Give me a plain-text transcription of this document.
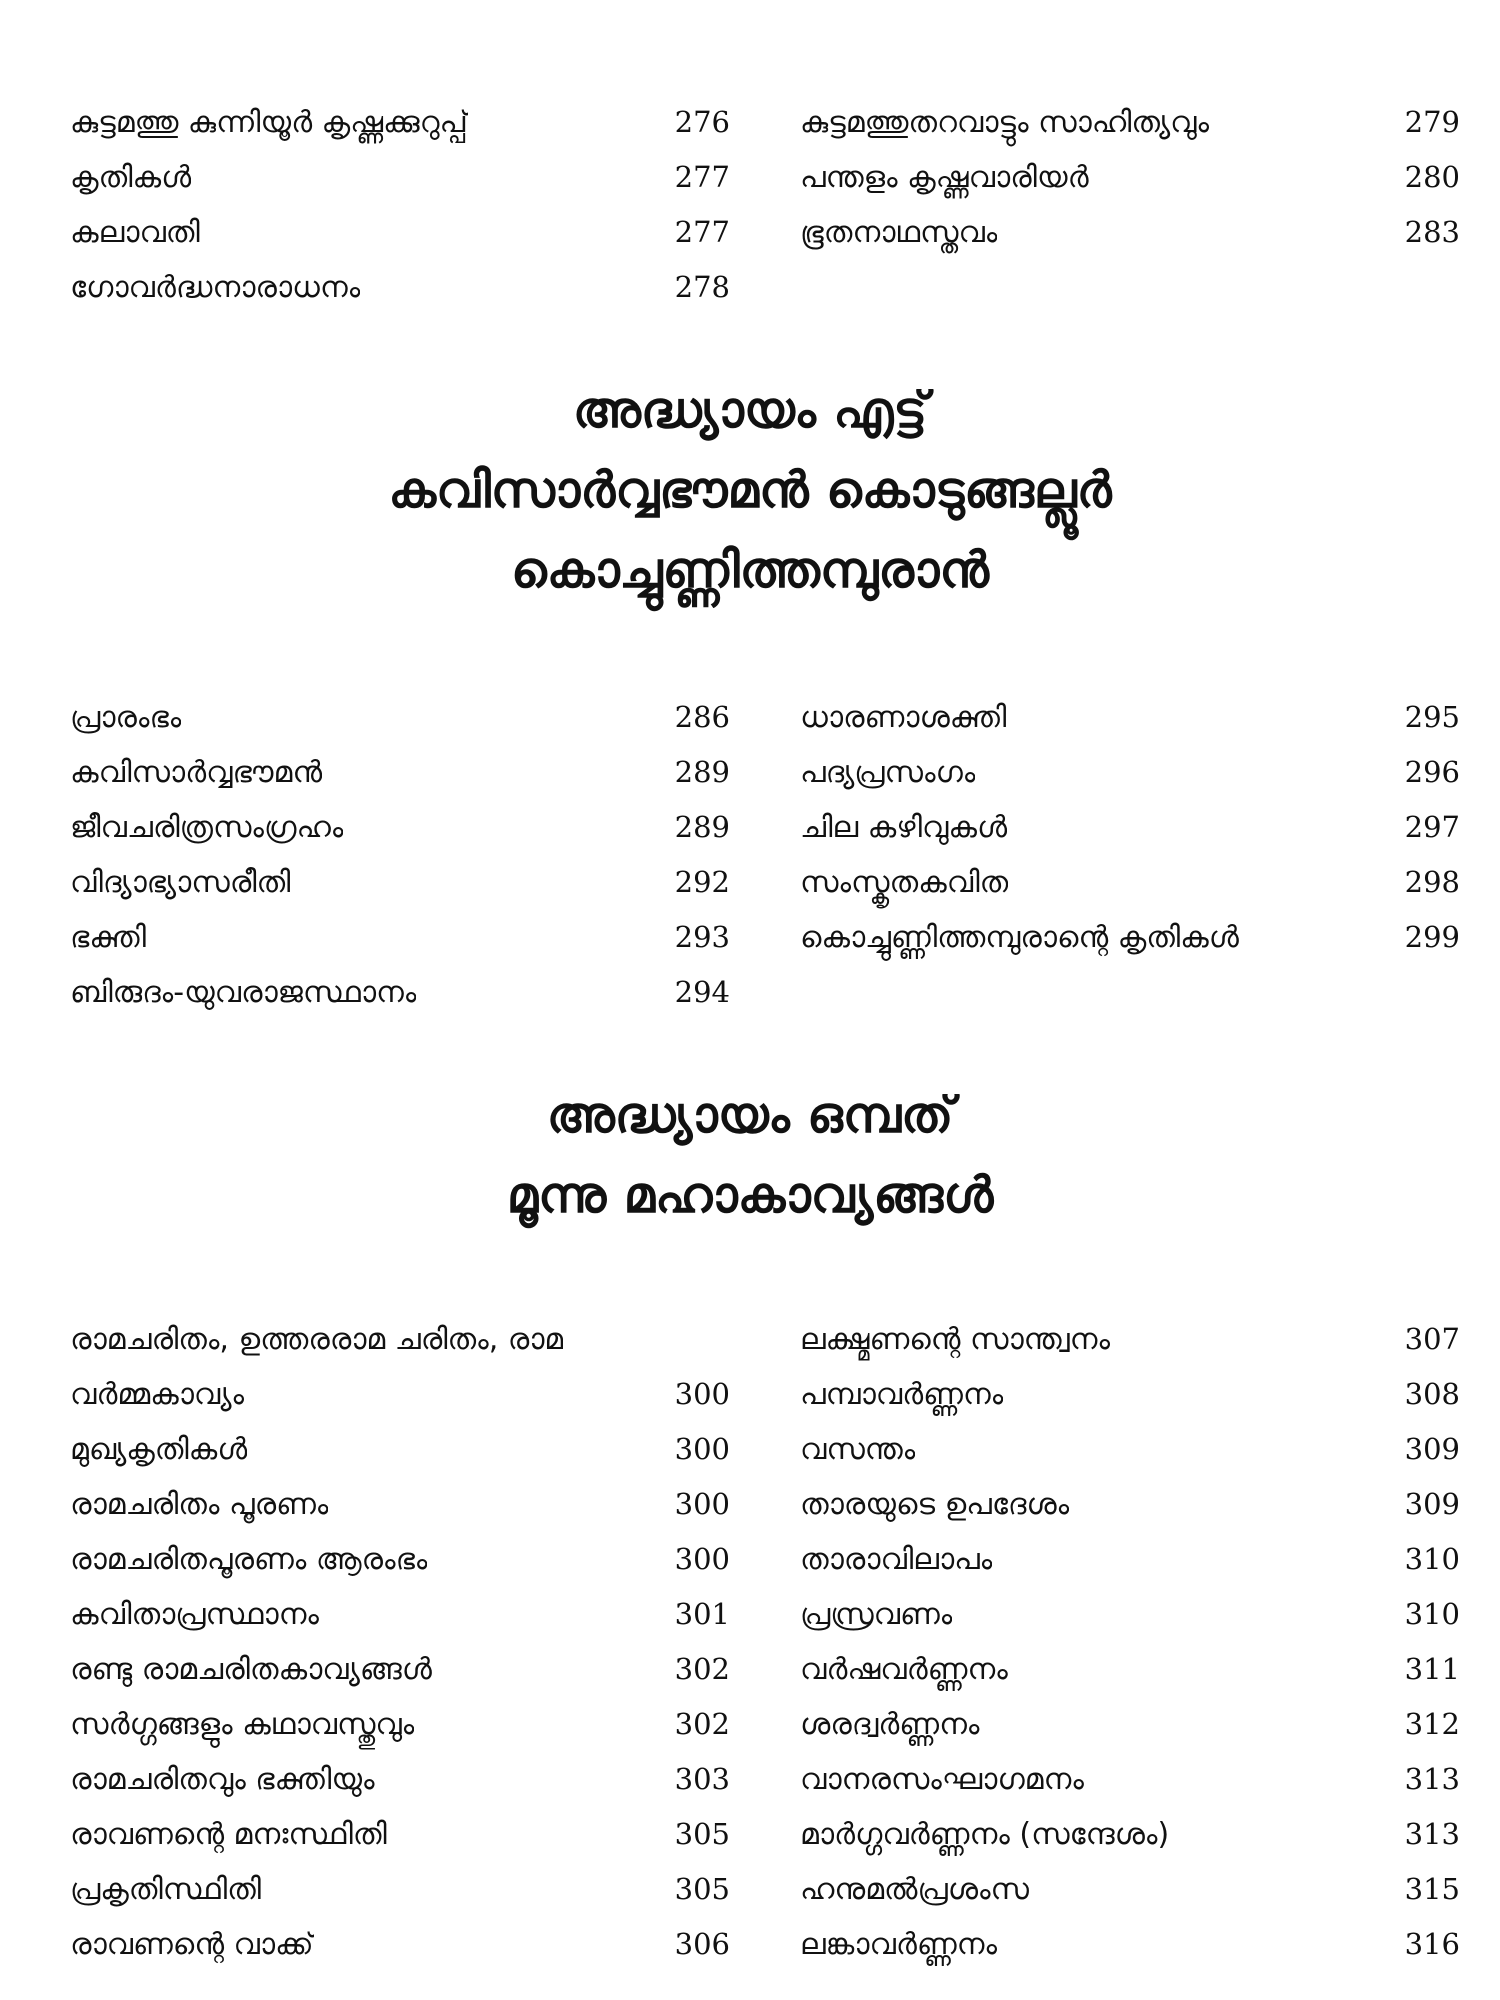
കുട്ടമത്തു കുന്നിയൂർ കൃഷ്ണക്കുറുപ്പ്	276
കൃതികൾ	277
കലാവതി	277
ഗോവർദ്ധനാരാധനം	278
കുട്ടമത്തുതറവാട്ടും സാഹിത്യവും	279
പന്തളം കൃഷ്ണവാരിയർ	280
ഭൂതനാഥസ്തവം	283
അദ്ധ്യായം എട്ട്
കവിസാർവ്വഭൗമൻ കൊടുങ്ങല്ലൂർ
കൊച്ചുണ്ണിത്തമ്പുരാൻ
പ്രാരംഭം	286
കവിസാർവ്വഭൗമൻ	289
ജീവചരിത്രസംഗ്രഹം	289
വിദ്യാഭ്യാസരീതി	292
ഭക്തി	293
ബിരുദം-യുവരാജസ്ഥാനം	294
ധാരണാശക്തി	295
പദ്യപ്രസംഗം	296
ചില കഴിവുകൾ	297
സംസ്കൃതകവിത	298
കൊച്ചുണ്ണിത്തമ്പുരാന്റെ കൃതികൾ	299
അദ്ധ്യായം ഒമ്പത്
മൂന്നു മഹാകാവ്യങ്ങൾ
രാമചരിതം, ഉത്തരരാമ ചരിതം, രാമ
വർമ്മകാവ്യം	300
മുഖ്യകൃതികൾ	300
രാമചരിതം പൂരണം	300
രാമചരിതപൂരണം ആരംഭം	300
കവിതാപ്രസ്ഥാനം	301
രണ്ടു രാമചരിതകാവ്യങ്ങൾ	302
സർഗ്ഗങ്ങളും കഥാവസ്തുവും	302
രാമചരിതവും ഭക്തിയും	303
രാവണന്റെ മനഃസ്ഥിതി	305
പ്രകൃതിസ്ഥിതി	305
രാവണന്റെ വാക്ക്	306
ലക്ഷ്മണന്റെ സാന്ത്വനം	307
പമ്പാവർണ്ണനം	308
വസന്തം	309
താരയുടെ ഉപദേശം	309
താരാവിലാപം	310
പ്രസ്രവണം	310
വർഷവർണ്ണനം	311
ശരദ്വർണ്ണനം	312
വാനരസംഘാഗമനം	313
മാർഗ്ഗവർണ്ണനം (സന്ദേശം)	313
ഹനുമൽപ്രശംസ	315
ലങ്കാവർണ്ണനം	316
